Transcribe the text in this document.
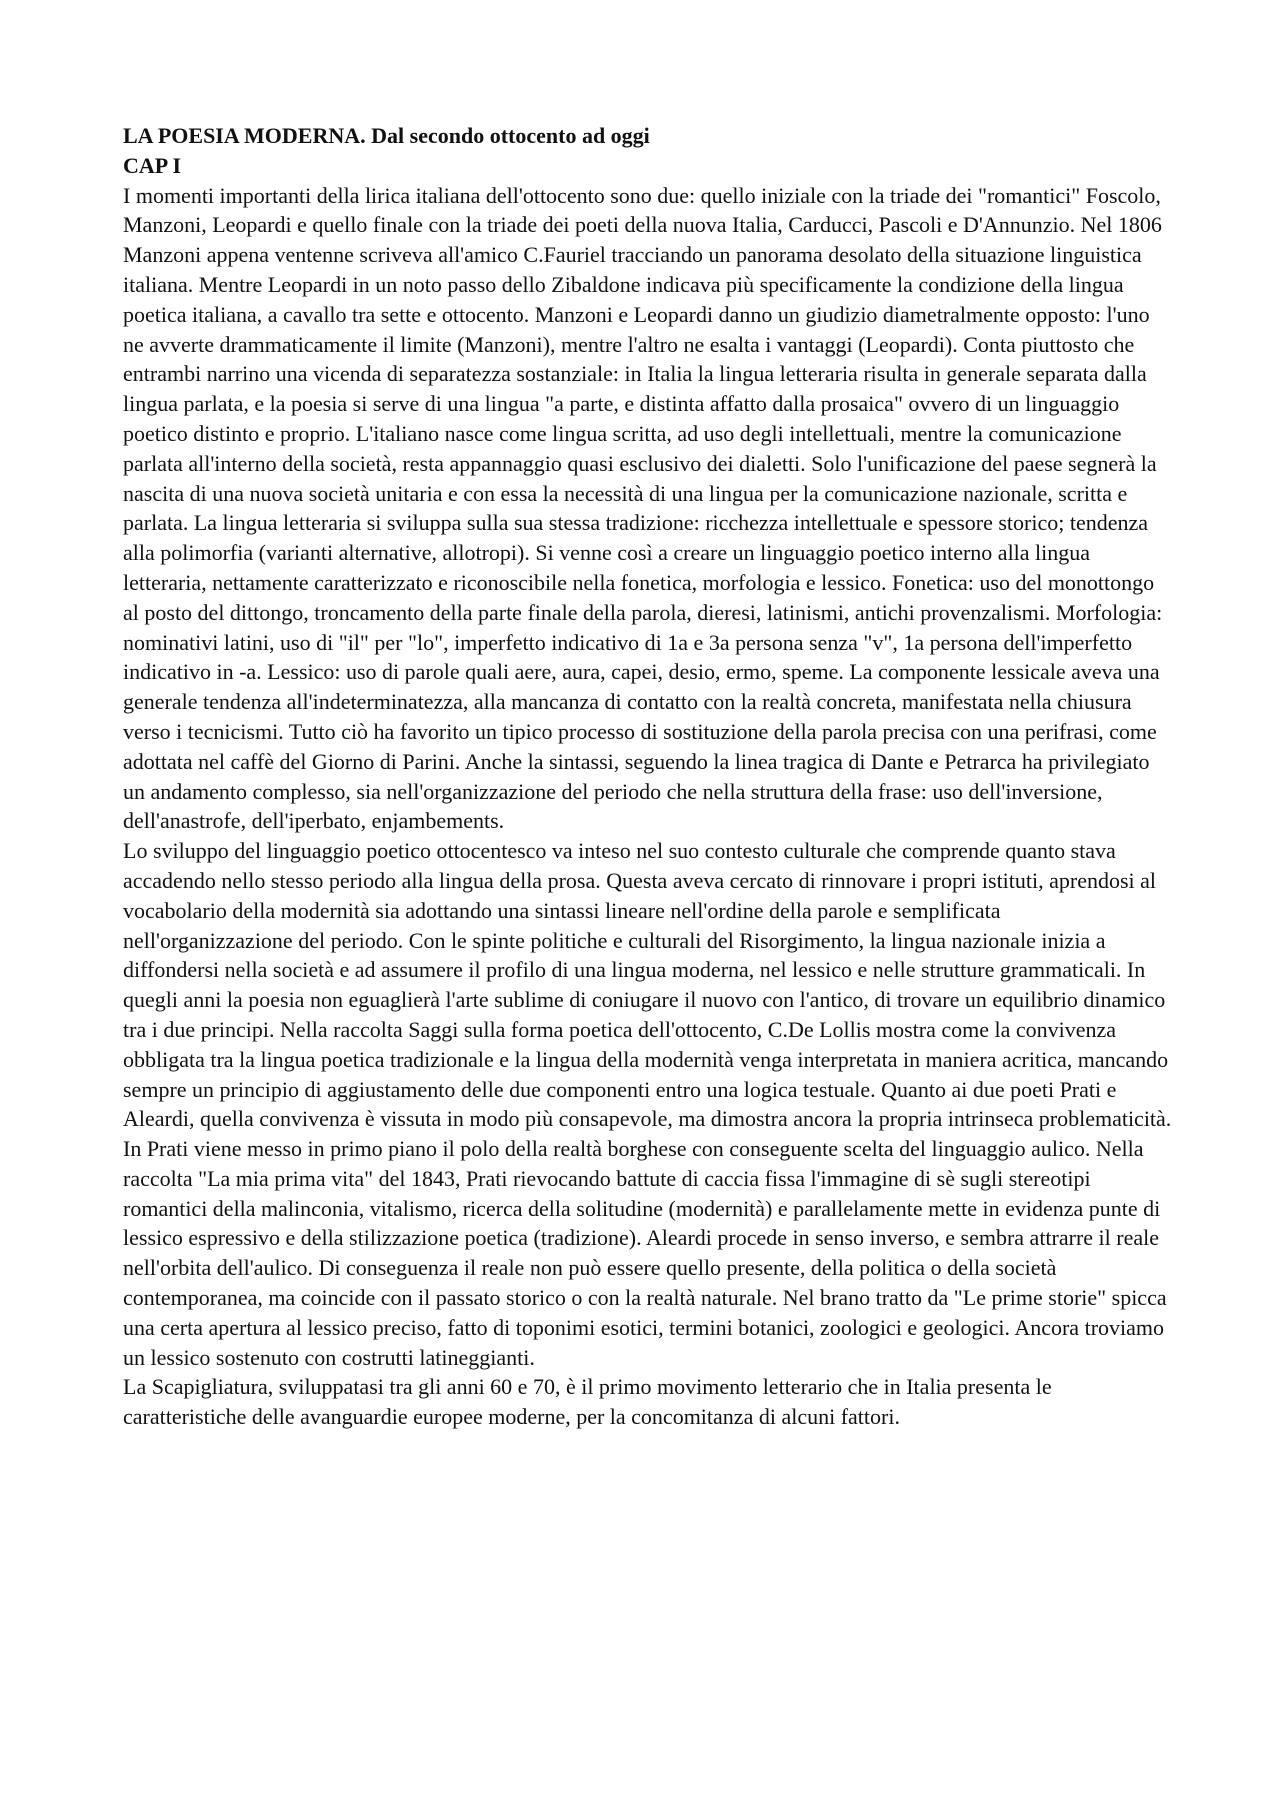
LA POESIA MODERNA. Dal secondo ottocento ad oggi
CAP I

I momenti importanti della lirica italiana dell'ottocento sono due: quello iniziale con la triade dei "romantici" Foscolo, Manzoni, Leopardi e quello finale con la triade dei poeti della nuova Italia, Carducci, Pascoli e D'Annunzio. Nel 1806 Manzoni appena ventenne scriveva all'amico C.Fauriel tracciando un panorama desolato della situazione linguistica italiana. Mentre Leopardi in un noto passo dello Zibaldone indicava più specificamente la condizione della lingua poetica italiana, a cavallo tra sette e ottocento. Manzoni e Leopardi danno un giudizio diametralmente opposto: l'uno ne avverte drammaticamente il limite (Manzoni), mentre l'altro ne esalta i vantaggi (Leopardi). Conta piuttosto che entrambi narrino una vicenda di separatezza sostanziale: in Italia la lingua letteraria risulta in generale separata dalla lingua parlata, e la poesia si serve di una lingua "a parte, e distinta affatto dalla prosaica" ovvero di un linguaggio poetico distinto e proprio. L'italiano nasce come lingua scritta, ad uso degli intellettuali, mentre la comunicazione parlata all'interno della società, resta appannaggio quasi esclusivo dei dialetti. Solo l'unificazione del paese segnerà la nascita di una nuova società unitaria e con essa la necessità di una lingua per la comunicazione nazionale, scritta e parlata. La lingua letteraria si sviluppa sulla sua stessa tradizione: ricchezza intellettuale e spessore storico; tendenza alla polimorfia (varianti alternative, allotropi). Si venne così a creare un linguaggio poetico interno alla lingua letteraria, nettamente caratterizzato e riconoscibile nella fonetica, morfologia e lessico. Fonetica: uso del monottongo al posto del dittongo, troncamento della parte finale della parola, dieresi, latinismi, antichi provenzalismi. Morfologia: nominativi latini, uso di "il" per "lo", imperfetto indicativo di 1a e 3a persona senza "v", 1a persona dell'imperfetto indicativo in -a. Lessico: uso di parole quali aere, aura, capei, desio, ermo, speme. La componente lessicale aveva una generale tendenza all'indeterminatezza, alla mancanza di contatto con la realtà concreta, manifestata nella chiusura verso i tecnicismi. Tutto ciò ha favorito un tipico processo di sostituzione della parola precisa con una perifrasi, come adottata nel caffè del Giorno di Parini. Anche la sintassi, seguendo la linea tragica di Dante e Petrarca ha privilegiato un andamento complesso, sia nell'organizzazione del periodo che nella struttura della frase: uso dell'inversione, dell'anastrofe, dell'iperbato, enjambements.

Lo sviluppo del linguaggio poetico ottocentesco va inteso nel suo contesto culturale che comprende quanto stava accadendo nello stesso periodo alla lingua della prosa. Questa aveva cercato di rinnovare i propri istituti, aprendosi al vocabolario della modernità sia adottando una sintassi lineare nell'ordine della parole e semplificata nell'organizzazione del periodo. Con le spinte politiche e culturali del Risorgimento, la lingua nazionale inizia a diffondersi nella società e ad assumere il profilo di una lingua moderna, nel lessico e nelle strutture grammaticali. In quegli anni la poesia non eguaglierà l'arte sublime di coniugare il nuovo con l'antico, di trovare un equilibrio dinamico tra i due principi. Nella raccolta Saggi sulla forma poetica dell'ottocento, C.De Lollis mostra come la convivenza obbligata tra la lingua poetica tradizionale e la lingua della modernità venga interpretata in maniera acritica, mancando sempre un principio di aggiustamento delle due componenti entro una logica testuale. Quanto ai due poeti Prati e Aleardi, quella convivenza è vissuta in modo più consapevole, ma dimostra ancora la propria intrinseca problematicità. In Prati viene messo in primo piano il polo della realtà borghese con conseguente scelta del linguaggio aulico. Nella raccolta "La mia prima vita" del 1843, Prati rievocando battute di caccia fissa l'immagine di sè sugli stereotipi romantici della malinconia, vitalismo, ricerca della solitudine (modernità) e parallelamente mette in evidenza punte di lessico espressivo e della stilizzazione poetica (tradizione). Aleardi procede in senso inverso, e sembra attrarre il reale nell'orbita dell'aulico. Di conseguenza il reale non può essere quello presente, della politica o della società contemporanea, ma coincide con il passato storico o con la realtà naturale. Nel brano tratto da "Le prime storie" spicca una certa apertura al lessico preciso, fatto di toponimi esotici, termini botanici, zoologici e geologici. Ancora troviamo un lessico sostenuto con costrutti latineggianti.

La Scapigliatura, sviluppatasi tra gli anni 60 e 70, è il primo movimento letterario che in Italia presenta le caratteristiche delle avanguardie europee moderne, per la concomitanza di alcuni fattori.
